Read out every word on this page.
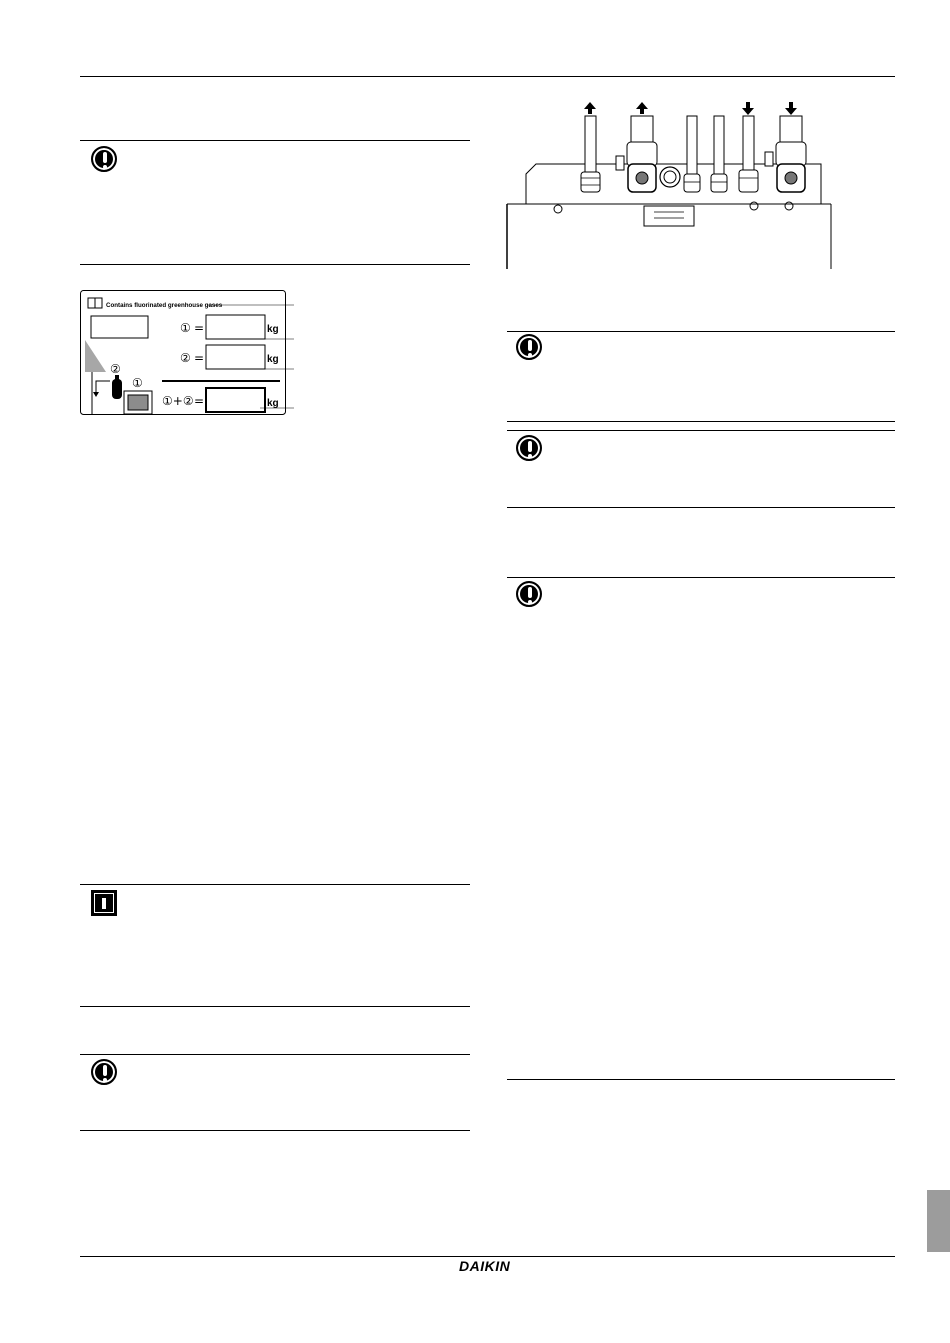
Contains fluorinated greenhouse gases
① =	kg
② =	kg
①+② =	kg
②
①
DAIKIN
